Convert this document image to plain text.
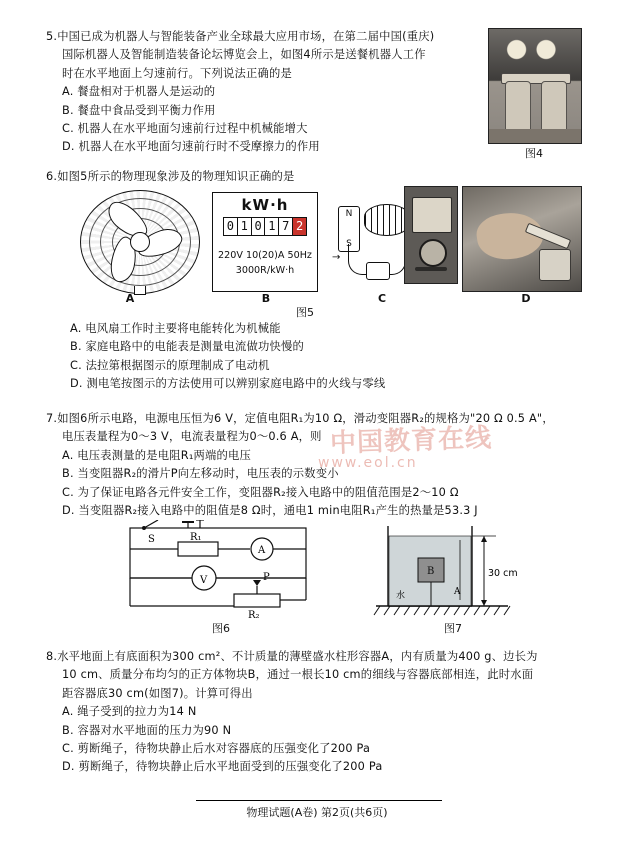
5.中国已成为机器人与智能装备产业全球最大应用市场，在第二届中国(重庆)
国际机器人及智能制造装备论坛博览会上，如图4所示是送餐机器人工作
时在水平地面上匀速前行。下列说法正确的是
A. 餐盘相对于机器人是运动的
B. 餐盘中食品受到平衡力作用
C. 机器人在水平地面匀速前行过程中机械能增大
D. 机器人在水平地面匀速前行时不受摩擦力的作用
图4
6.如图5所示的物理现象涉及的物理知识正确的是
A
kW·h
0 1 0 1 7 2
220V 10(20)A 50Hz
3000R/kW·h
B
N
S
→
C	D
图5
A. 电风扇工作时主要将电能转化为机械能
B. 家庭电路中的电能表是测量电流做功快慢的
C. 法拉第根据图示的原理制成了电动机
D. 测电笔按图示的方法使用可以辨别家庭电路中的火线与零线
7.如图6所示电路，电源电压恒为6 V，定值电阻R₁为10 Ω，滑动变阻器R₂的规格为"20 Ω 0.5 A"，
电压表量程为0～3 V，电流表量程为0～0.6 A，则
A. 电压表测量的是电阻R₁两端的电压
B. 当变阻器R₂的滑片P向左移动时，电压表的示数变小
C. 为了保证电路各元件安全工作，变阻器R₂接入电路中的阻值范围是2～10 Ω
D. 当变阻器R₂接入电路中的阻值是8 Ω时，通电1 min电阻R₁产生的热量是53.3 J
中国教育在线
www.eol.cn
S	R₁
A
V	P
R₂
图6
B	30 cm
A
水
图7
8.水平地面上有底面积为300 cm²、不计质量的薄壁盛水柱形容器A，内有质量为400 g、边长为
10 cm、质量分布均匀的正方体物块B，通过一根长10 cm的细线与容器底部相连，此时水面
距容器底30 cm(如图7)。计算可得出
A. 绳子受到的拉力为14 N
B. 容器对水平地面的压力为90 N
C. 剪断绳子，待物块静止后水对容器底的压强变化了200 Pa
D. 剪断绳子，待物块静止后水平地面受到的压强变化了200 Pa
物理试题(A卷) 第2页(共6页)
